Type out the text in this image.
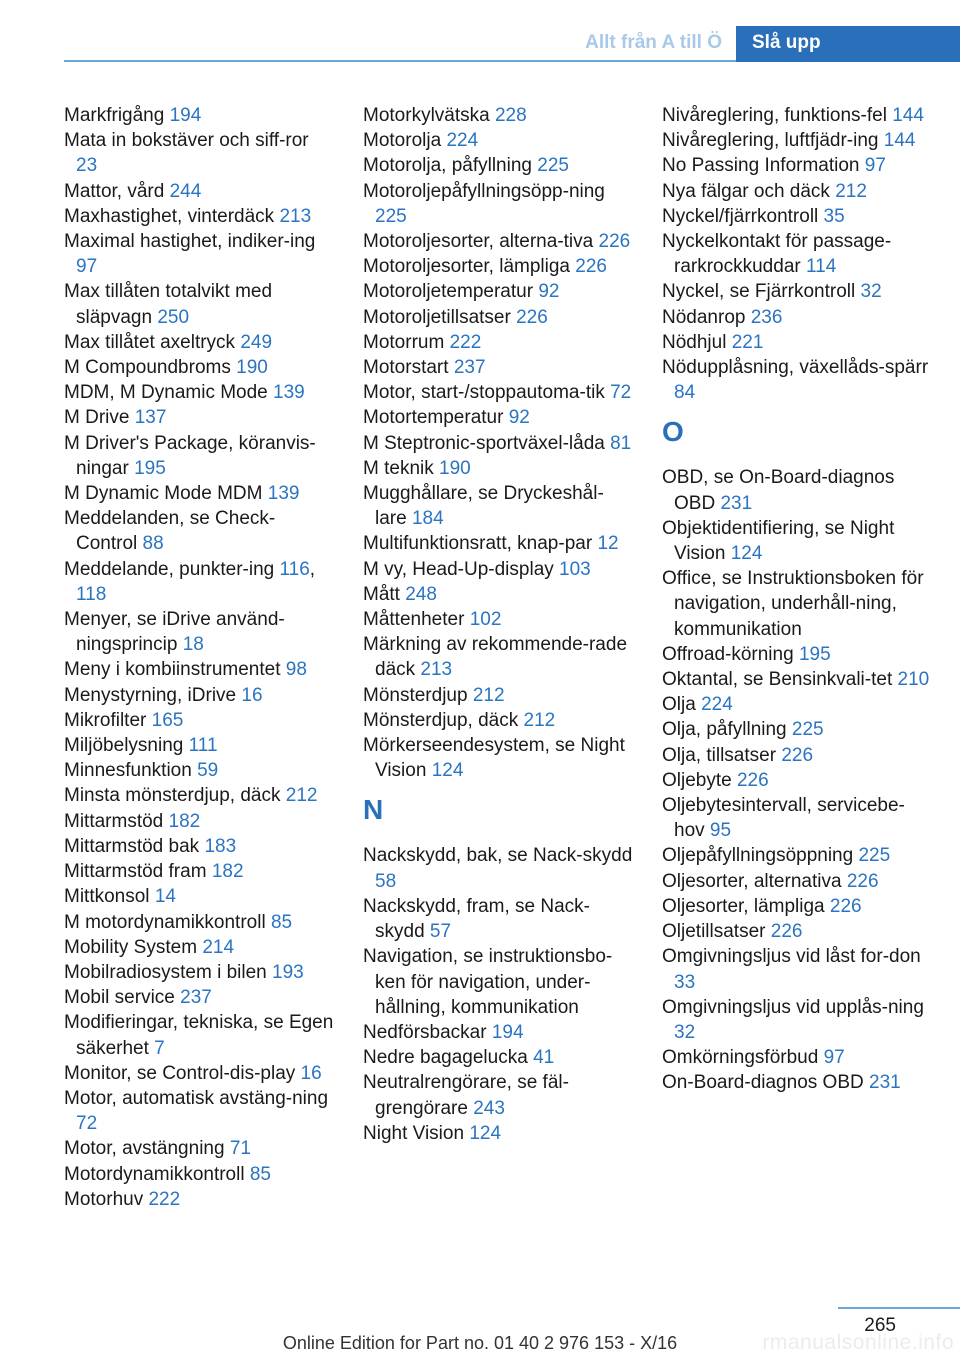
Allt från A till Ö	Slå upp
Markfrigång 194
Mata in bokstäver och siff‐ror 23
Mattor, vård 244
Maxhastighet, vinterdäck 213
Maximal hastighet, indiker‐ing 97
Max tillåten totalvikt med släpvagn 250
Max tillåtet axeltryck 249
M Compoundbroms 190
MDM, M Dynamic Mode 139
M Drive 137
M Driver's Package, köranvis‐ningar 195
M Dynamic Mode MDM 139
Meddelanden, se Check-Control 88
Meddelande, punkter‐ing 116, 118
Menyer, se iDrive använd‐ningsprincip 18
Meny i kombiinstrumentet 98
Menystyrning, iDrive 16
Mikrofilter 165
Miljöbelysning 111
Minnesfunktion 59
Minsta mönsterdjup, däck 212
Mittarmstöd 182
Mittarmstöd bak 183
Mittarmstöd fram 182
Mittkonsol 14
M motordynamikkontroll 85
Mobility System 214
Mobilradiosystem i bilen 193
Mobil service 237
Modifieringar, tekniska, se Egen säkerhet 7
Monitor, se Control-dis‐play 16
Motor, automatisk avstäng‐ning 72
Motor, avstängning 71
Motordynamikkontroll 85
Motorhuv 222
Motorkylvätska 228
Motorolja 224
Motorolja, påfyllning 225
Motoroljepåfyllningsöpp‐ning 225
Motoroljesorter, alterna‐tiva 226
Motoroljesorter, lämpliga 226
Motoroljetemperatur 92
Motoroljetillsatser 226
Motorrum 222
Motorstart 237
Motor, start-/stoppautoma‐tik 72
Motortemperatur 92
M Steptronic-sportväxel‐låda 81
M teknik 190
Mugghållare, se Dryckeshål‐lare 184
Multifunktionsratt, knap‐par 12
M vy, Head-Up-display 103
Mått 248
Måttenheter 102
Märkning av rekommende‐rade däck 213
Mönsterdjup 212
Mönsterdjup, däck 212
Mörkerseendesystem, se Night Vision 124
N
Nackskydd, bak, se Nack‐skydd 58
Nackskydd, fram, se Nack‐skydd 57
Navigation, se instruktionsbo‐ken för navigation, under‐hållning, kommunikation
Nedförsbackar 194
Nedre bagagelucka 41
Neutralrengörare, se fäl‐grengörare 243
Night Vision 124
Nivåreglering, funktions‐fel 144
Nivåreglering, luftfjädr‐ing 144
No Passing Information 97
Nya fälgar och däck 212
Nyckel/fjärrkontroll 35
Nyckelkontakt för passage‐rarkrockkuddar 114
Nyckel, se Fjärrkontroll 32
Nödanrop 236
Nödhjul 221
Nödupplåsning, växellåds‐spärr 84
O
OBD, se On-Board-diagnos OBD 231
Objektidentifiering, se Night Vision 124
Office, se Instruktionsboken för navigation, underhåll‐ning, kommunikation
Offroad-körning 195
Oktantal, se Bensinkvali‐tet 210
Olja 224
Olja, påfyllning 225
Olja, tillsatser 226
Oljebyte 226
Oljebytesintervall, servicebe‐hov 95
Oljepåfyllningsöppning 225
Oljesorter, alternativa 226
Oljesorter, lämpliga 226
Oljetillsatser 226
Omgivningsljus vid låst for‐don 33
Omgivningsljus vid upplås‐ning 32
Omkörningsförbud 97
On-Board-diagnos OBD 231
265
Online Edition for Part no. 01 40 2 976 153 - X/16	rmanualsonline.info
